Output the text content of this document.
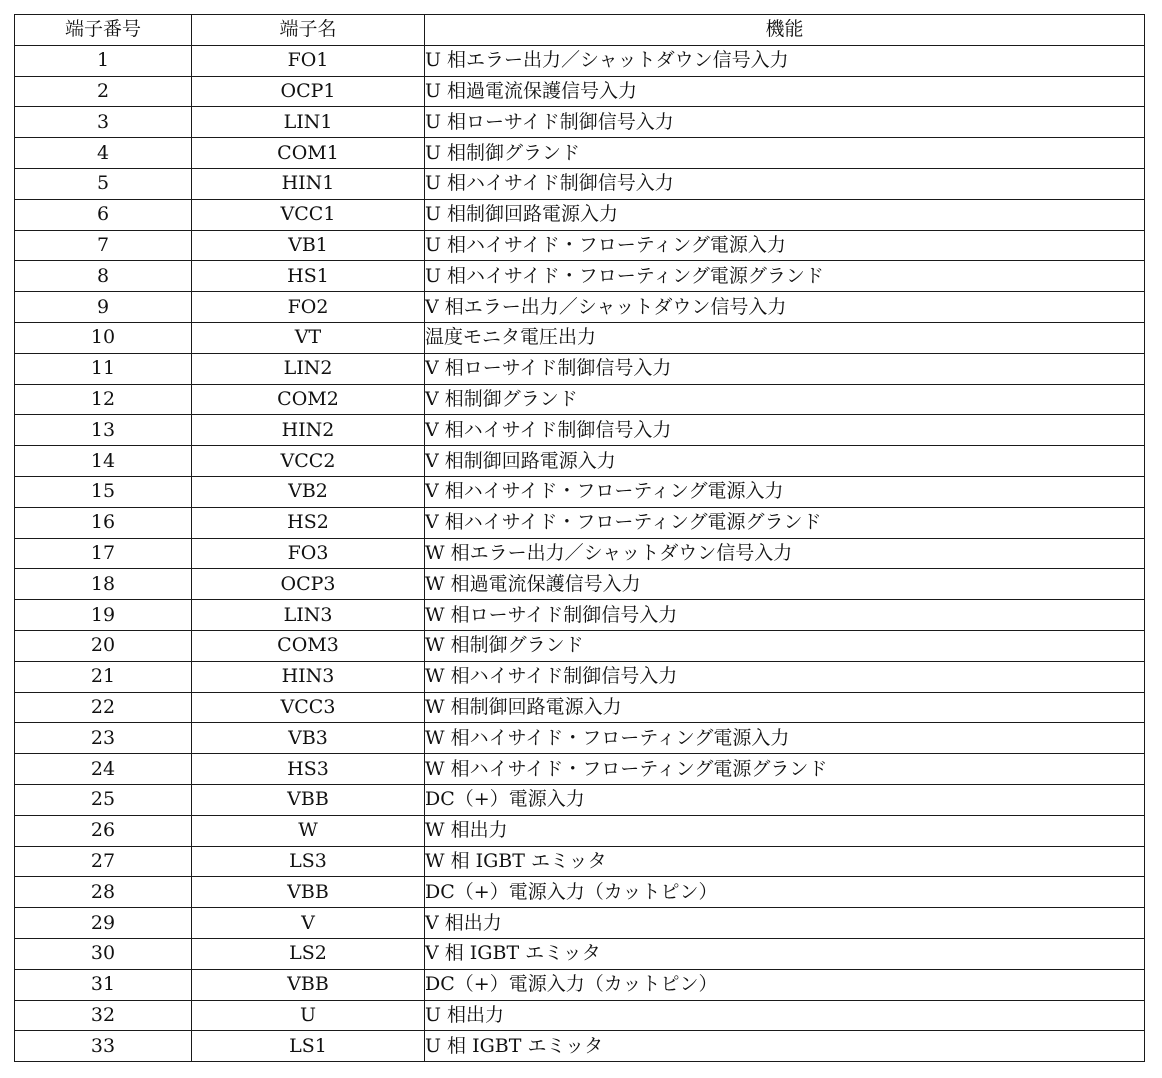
端子番号	端子名	機能
1	FO1	U 相エラー出力／シャットダウン信号入力
2	OCP1	U 相過電流保護信号入力
3	LIN1	U 相ローサイド制御信号入力
4	COM1	U 相制御グランド
5	HIN1	U 相ハイサイド制御信号入力
6	VCC1	U 相制御回路電源入力
7	VB1	U 相ハイサイド・フローティング電源入力
8	HS1	U 相ハイサイド・フローティング電源グランド
9	FO2	V 相エラー出力／シャットダウン信号入力
10	VT	温度モニタ電圧出力
11	LIN2	V 相ローサイド制御信号入力
12	COM2	V 相制御グランド
13	HIN2	V 相ハイサイド制御信号入力
14	VCC2	V 相制御回路電源入力
15	VB2	V 相ハイサイド・フローティング電源入力
16	HS2	V 相ハイサイド・フローティング電源グランド
17	FO3	W 相エラー出力／シャットダウン信号入力
18	OCP3	W 相過電流保護信号入力
19	LIN3	W 相ローサイド制御信号入力
20	COM3	W 相制御グランド
21	HIN3	W 相ハイサイド制御信号入力
22	VCC3	W 相制御回路電源入力
23	VB3	W 相ハイサイド・フローティング電源入力
24	HS3	W 相ハイサイド・フローティング電源グランド
25	VBB	DC（+）電源入力
26	W	W 相出力
27	LS3	W 相 IGBT エミッタ
28	VBB	DC（+）電源入力（カットピン）
29	V	V 相出力
30	LS2	V 相 IGBT エミッタ
31	VBB	DC（+）電源入力（カットピン）
32	U	U 相出力
33	LS1	U 相 IGBT エミッタ
